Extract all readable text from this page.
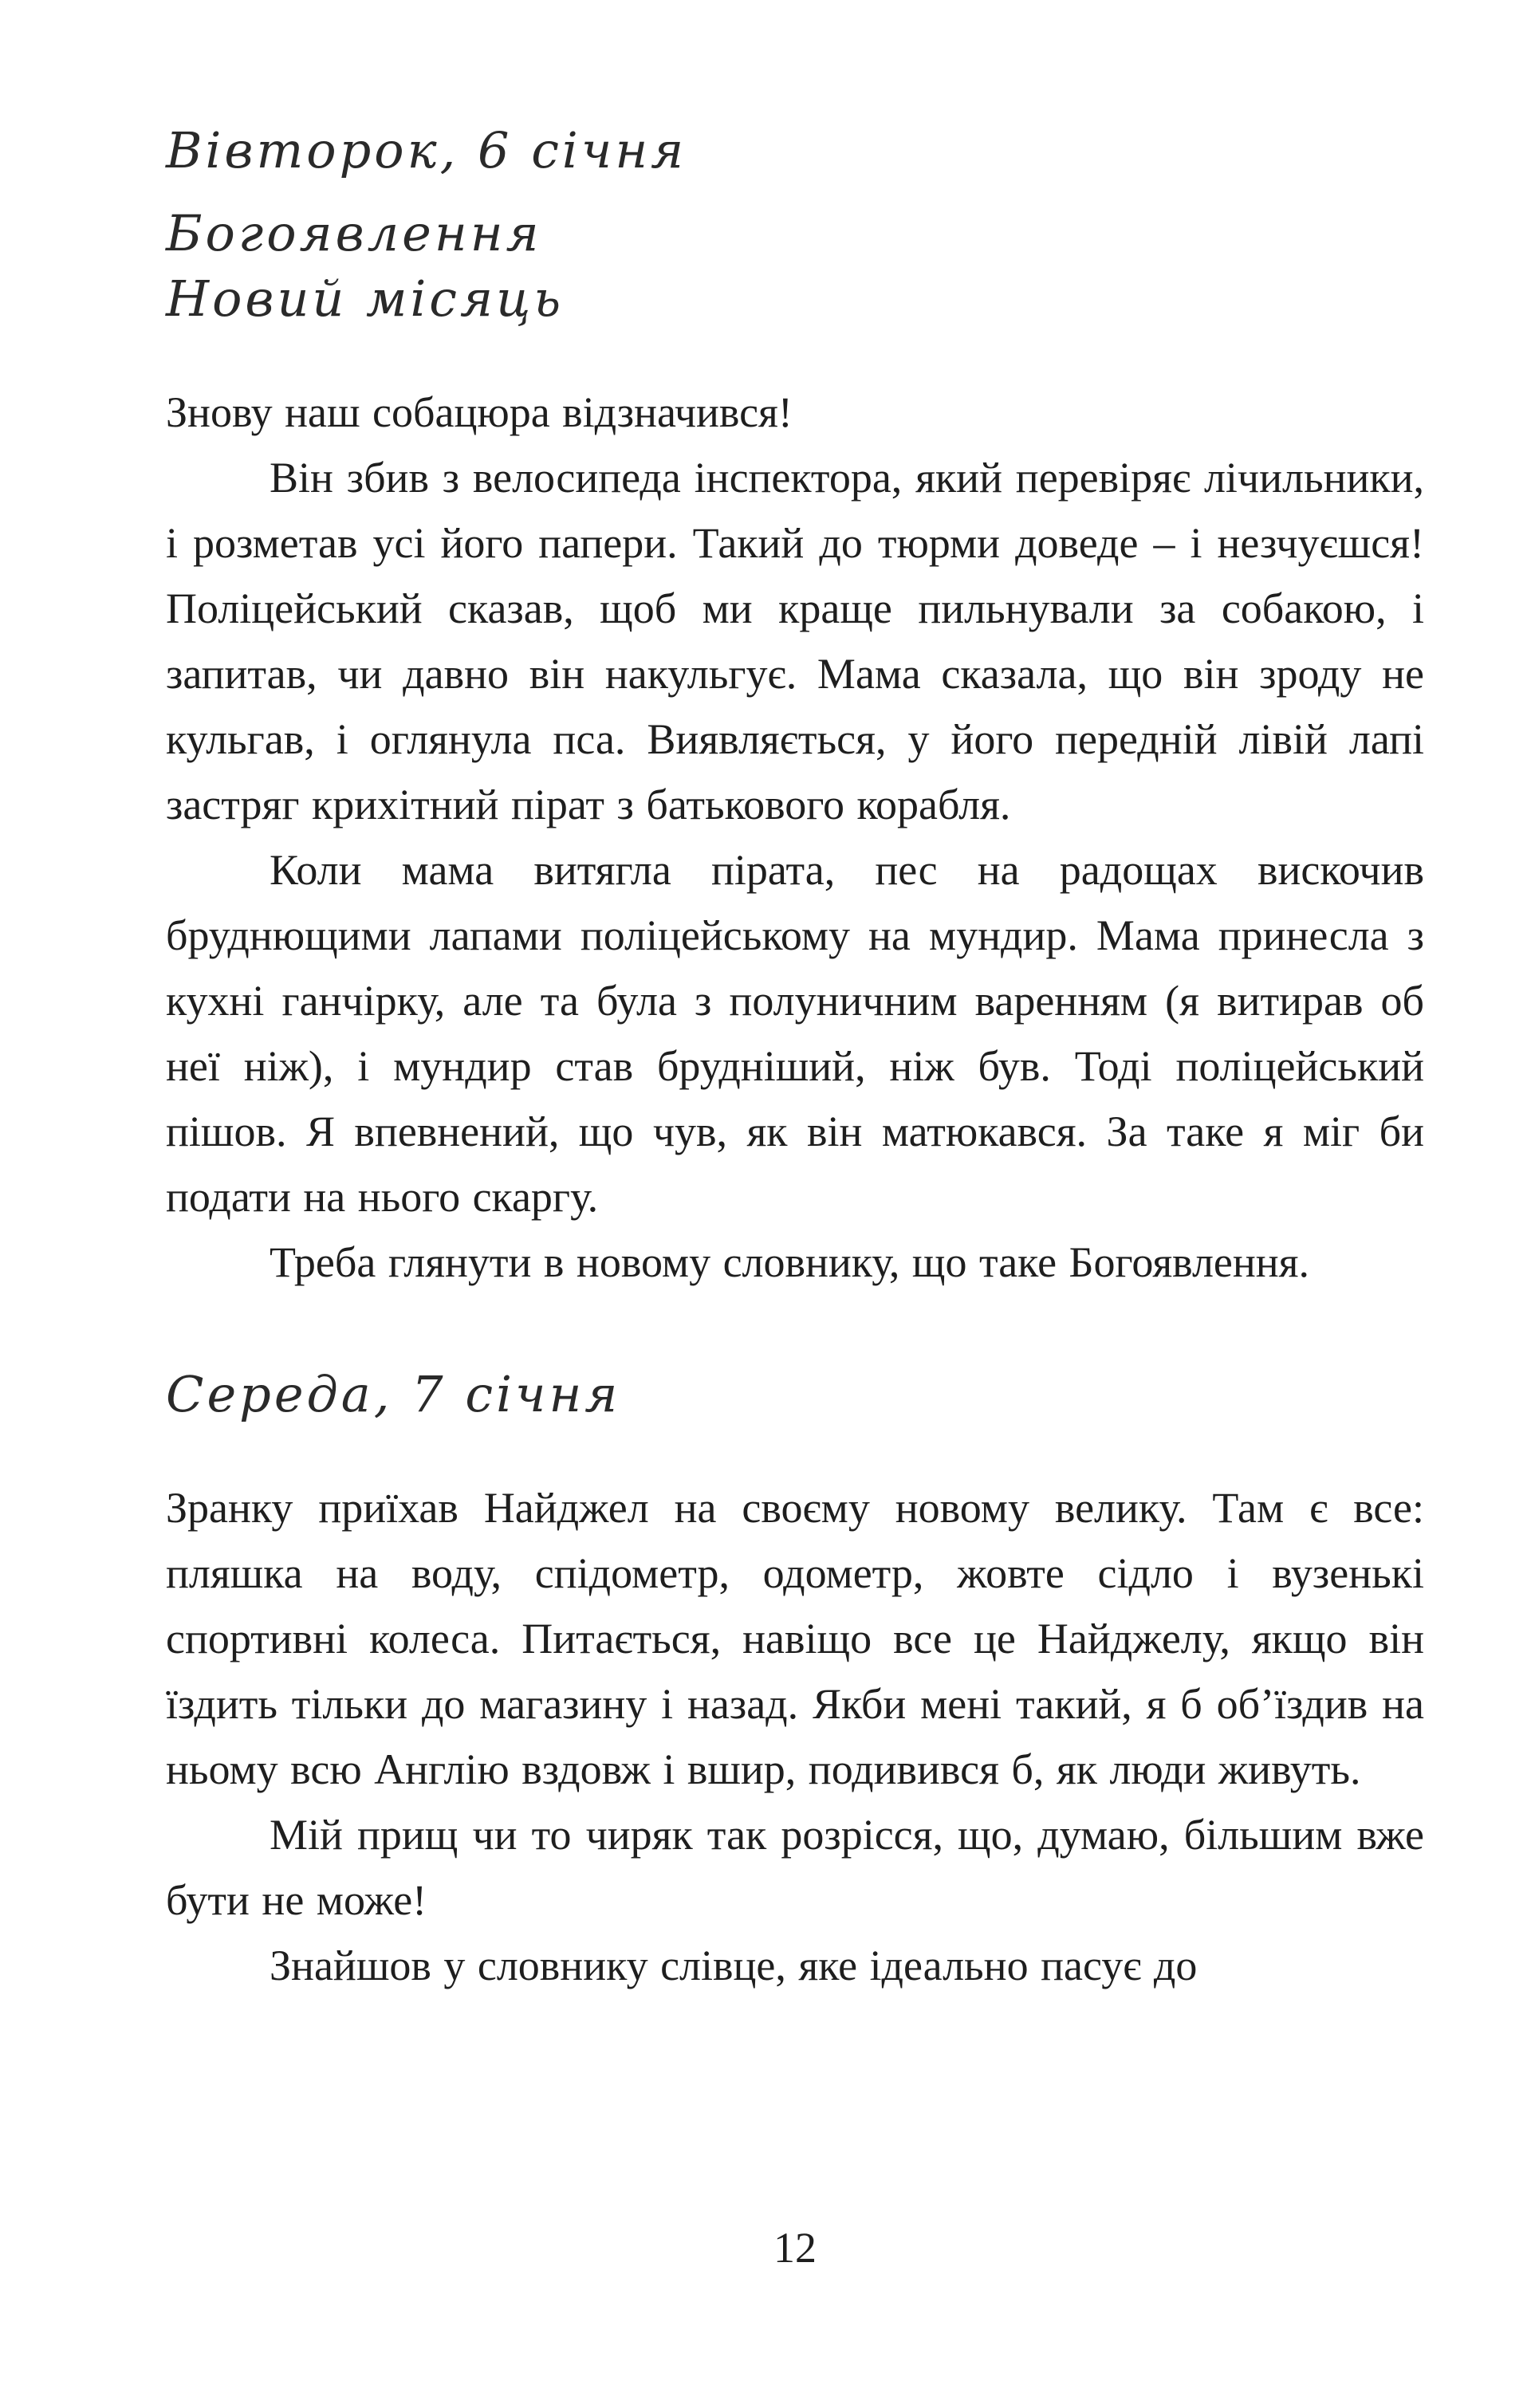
Вівторок, 6 січня
Богоявлення
Новий місяць

Знову наш собацюра відзначився!

Він збив з велосипеда інспектора, який перевіряє лічильники, і розметав усі його папери. Такий до тюрми доведе – і незчуєшся! Поліцейський сказав, щоб ми краще пильнували за собакою, і запитав, чи давно він накульгує. Мама сказала, що він зроду не кульгав, і оглянула пса. Виявляється, у його передній лівій лапі застряг крихітний пірат з батькового корабля.

Коли мама витягла пірата, пес на радощах вискочив бруднющими лапами поліцейському на мундир. Мама принесла з кухні ганчірку, але та була з полуничним варенням (я витирав об неї ніж), і мундир став брудніший, ніж був. Тоді поліцейський пішов. Я впевнений, що чув, як він матюкався. За таке я міг би подати на нього скаргу.

Треба глянути в новому словнику, що таке Богоявлення.

Середа, 7 січня

Зранку приїхав Найджел на своєму новому велику. Там є все: пляшка на воду, спідометр, одометр, жовте сідло і вузенькі спортивні колеса. Питається, навіщо все це Найджелу, якщо він їздить тільки до магазину і назад. Якби мені такий, я б об’їздив на ньому всю Англію вздовж і вшир, подивився б, як люди живуть.

Мій прищ чи то чиряк так розрісся, що, думаю, більшим вже бути не може!

Знайшов у словнику слівце, яке ідеально пасує до

12
